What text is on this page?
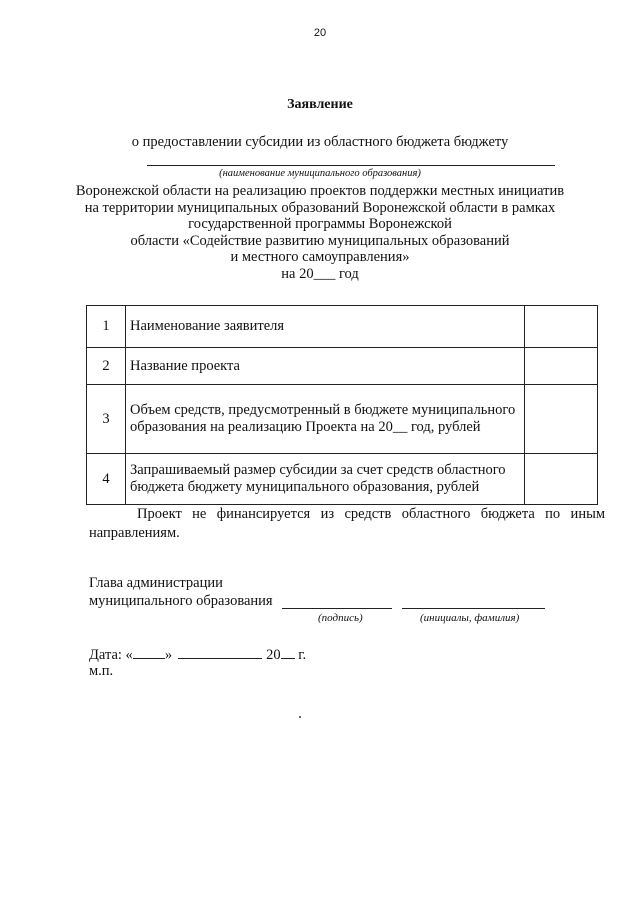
20
Заявление
о предоставлении субсидии из областного бюджета бюджету
(наименование муниципального образования)
Воронежской области на реализацию проектов поддержки местных инициатив
на территории муниципальных образований Воронежской области в рамках
государственной программы Воронежской
области «Содействие развитию муниципальных образований
и местного самоуправления»
на 20___ год
1	Наименование заявителя	
2	Название проекта	
3	Объем средств, предусмотренный в бюджете муниципального образования на реализацию Проекта на 20__ год, рублей	
4	Запрашиваемый размер субсидии за счет средств областного бюджета бюджету муниципального образования, рублей	
Проект не финансируется из средств областного бюджета по иным направлениям.
Глава администрации
муниципального образования
(подпись)	(инициалы, фамилия)
Дата: « »	20 г.
м.п.
